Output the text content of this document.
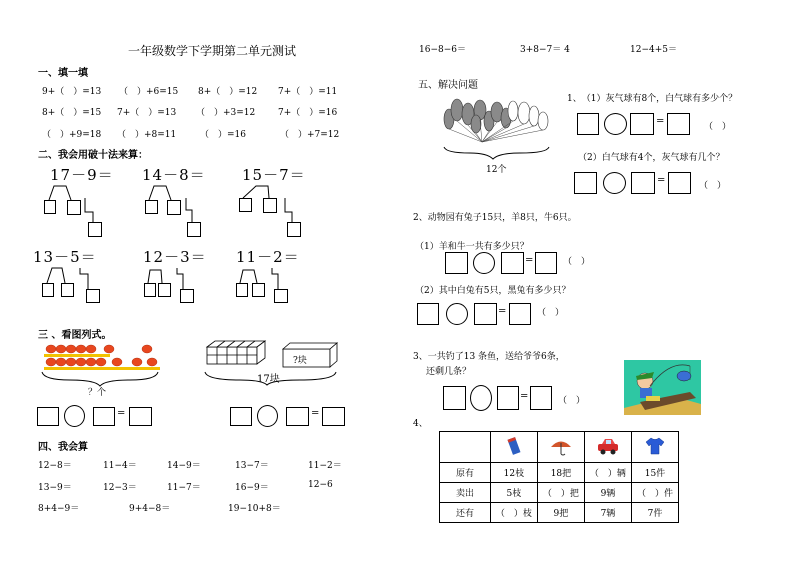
一年级数学下学期第二单元测试
一、填一填
9+（　）=13 （　）+6=15 8+（　）=12 7+（　）=11
8+（　）=15 7+（　）=13 （　）+3=12	7+（　）=16
（　）+9=18 （　）+8=11	（　）=16	（　）+7=12
二、我会用破十法来算：
17－9＝ 14－8＝ 15－7＝
13－5＝	12－3＝ 11－2＝
三 、看图列式。
？个
?块
17块
=	=
四、我会算
12−8＝	11−4＝	14−9＝	13−7＝	11−2＝
13−9＝	12−3＝	11−7＝	16−9＝	12−6
8+4−9＝	9+4−8＝	19−10+8＝
16−8−6＝	3+8−7＝ 4	12−4+5＝
五、解决问题
12个
1、　（1）灰气球有8个，白气球有多少个？
=	（　）
（2）白气球有4个，灰气球有几个？
=	（　）
2、动物园有兔子15只，羊8只，牛6只。
（1）羊和牛一共有多少只？
=	（　）
（2）其中白兔有5只，黑兔有多少只？
=	（　）
3、一共钓了13 条鱼，送给爷爷6条，
还剩几条？
=	（　）
4、

原有	12枝	18把	（　）辆	15件
卖出	5枝	（　）把	9辆	（　）件
还有	（　）枝	9把	7辆	7件
